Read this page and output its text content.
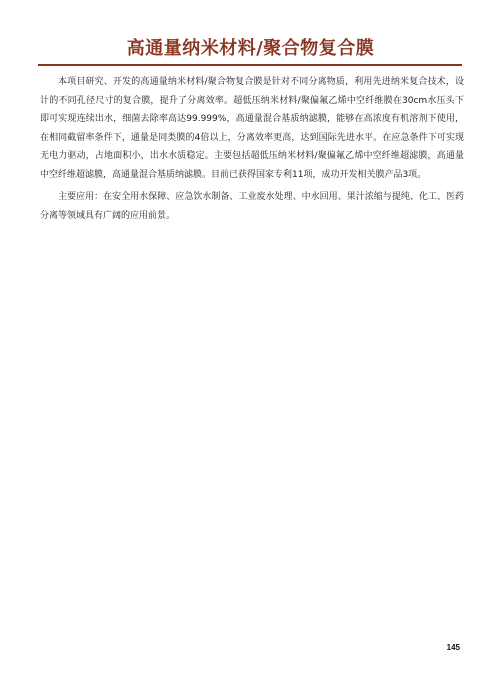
高通量纳米材料/聚合物复合膜

本项目研究、开发的高通量纳米材料/聚合物复合膜是针对不同分离物质，利用先进纳米复合技术，设计的不同孔径尺寸的复合膜，提升了分离效率。超低压纳米材料/聚偏氟乙烯中空纤维膜在30cm水压头下即可实现连续出水，细菌去除率高达99.999%，高通量混合基质纳滤膜，能够在高浓度有机溶剂下使用，在相同截留率条件下，通量是同类膜的4倍以上，分离效率更高，达到国际先进水平。在应急条件下可实现无电力驱动，占地面积小，出水水质稳定。主要包括超低压纳米材料/聚偏氟乙烯中空纤维超滤膜，高通量中空纤维超滤膜，高通量混合基质纳滤膜。目前已获得国家专利11项，成功开发相关膜产品3项。

主要应用：在安全用水保障、应急饮水制备、工业废水处理、中水回用、果汁浓缩与提纯、化工、医药分离等领域具有广阔的应用前景。

145
